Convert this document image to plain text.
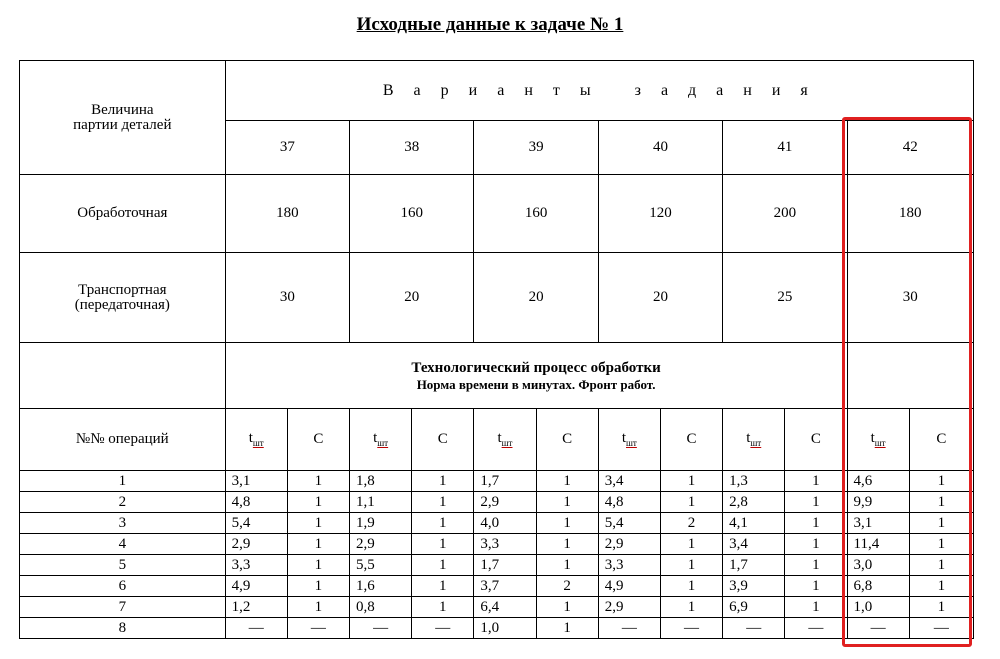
Исходные данные к задаче № 1
Величина
партии деталей	В а р и а н т ы   з а д а н и я											
	37		38		39		40		41		42	
Обработочная	180		160		160		120		200		180	
Транспортная
(передаточная)	30		20		20		20		25		30	

	Технологический процесс обработки
Норма времени в минутах. Фронт работ.											

№№ операций	$t_{шт}$	С	$t_{шт}$	С	$t_{шт}$	С	$t_{шт}$	С	$t_{шт}$	С	$t_{шт}$	С
1	3,1	1	1,8	1	1,7	1	3,4	1	1,3	1	4,6	1
2	4,8	1	1,1	1	2,9	1	4,8	1	2,8	1	9,9	1
3	5,4	1	1,9	1	4,0	1	5,4	2	4,1	1	3,1	1
4	2,9	1	2,9	1	3,3	1	2,9	1	3,4	1	11,4	1
5	3,3	1	5,5	1	1,7	1	3,3	1	1,7	1	3,0	1
6	4,9	1	1,6	1	3,7	2	4,9	1	3,9	1	6,8	1
7	1,2	1	0,8	1	6,4	1	2,9	1	6,9	1	1,0	1
8	—	—	—	—	1,0	1	—	—	—	—	—	—
